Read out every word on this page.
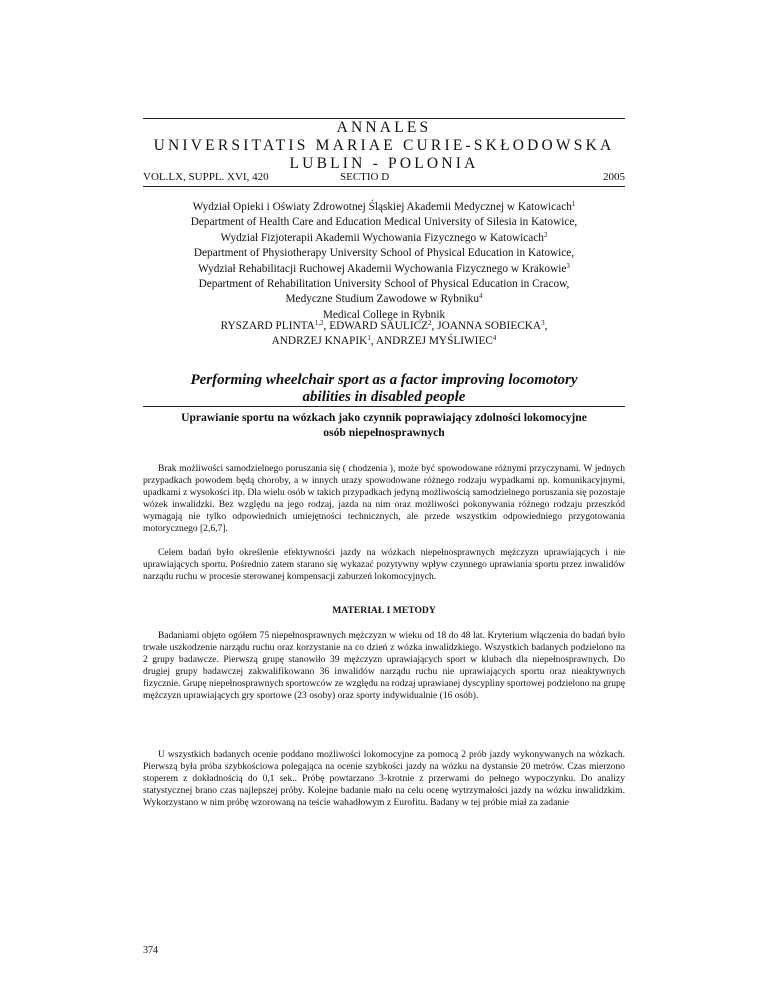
ANNALES
UNIVERSITATIS MARIAE CURIE-SKŁODOWSKA
LUBLIN - POLONIA
VOL.LX, SUPPL. XVI, 420	SECTIO D	2005
Wydział Opieki i Oświaty Zdrowotnej Śląskiej Akademii Medycznej w Katowicach$^1$
Department of Health Care and Education Medical University of Silesia in Katowice,
Wydział Fizjoterapii Akademii Wychowania Fizycznego w Katowicach$^2$
Department of Physiotherapy University School of Physical Education in Katowice,
Wydział Rehabilitacji Ruchowej Akademii Wychowania Fizycznego w Krakowie$^3$
Department of Rehabilitation University School of Physical Education in Cracow,
Medyczne Studium Zawodowe w Rybniku$^4$
Medical College in Rybnik
RYSZARD PLINTA$^{1,2}$, EDWARD SAULICZ$^2$, JOANNA SOBIECKA$^3$,
ANDRZEJ KNAPIK$^1$, ANDRZEJ MYŚLIWIEC$^4$
Performing wheelchair sport as a factor improving locomotory
abilities in disabled people
Uprawianie sportu na wózkach jako czynnik poprawiający zdolności lokomocyjne
osób niepełnosprawnych
Brak możliwości samodzielnego poruszania się ( chodzenia ), może być spowodowane różnymi przyczynami. W jednych przypadkach powodem będą choroby, a w innych urazy spowodowane różnego rodzaju wypadkami np. komunikacyjnymi, upadkami z wysokości itp. Dla wielu osób w takich przypadkach jedyną możliwością samodzielnego poruszania się pozostaje wózek inwalidzki. Bez względu na jego rodzaj, jazda na nim oraz możliwości pokonywania różnego rodzaju przeszkód wymagają nie tylko odpowiednich umiejętności technicznych, ale przede wszystkim odpowiedniego przygotowania motorycznego [2,6,7].
Celem badań było określenie efektywności jazdy na wózkach niepełnosprawnych mężczyzn uprawiających i nie uprawiających sportu. Pośrednio zatem starano się wykazać pozytywny wpływ czynnego uprawiania sportu przez inwalidów narządu ruchu w procesie sterowanej kompensacji zaburzeń lokomocyjnych.
MATERIAŁ I METODY
Badaniami objęto ogółem 75 niepełnosprawnych mężczyzn w wieku od 18 do 48 lat. Kryterium włączenia do badań było trwałe uszkodzenie narządu ruchu oraz korzystanie na co dzień z wózka inwalidzkiego. Wszystkich badanych podzielono na 2 grupy badawcze. Pierwszą grupę stanowiło 39 mężczyzn uprawiających sport w klubach dla niepełnosprawnych. Do drugiej grupy badawczej zakwalifikowano 36 inwalidów narządu ruchu nie uprawiających sportu oraz nieaktywnych fizycznie. Grupę niepełnosprawnych sportowców ze względu na rodzaj uprawianej dyscypliny sportowej podzielono na grupę mężczyzn uprawiających gry sportowe (23 osoby) oraz sporty indywidualnie (16 osób).
U wszystkich badanych ocenie poddano możliwości lokomocyjne za pomocą 2 prób jazdy wykonywanych na wózkach. Pierwszą była próba szybkościowa polegająca na ocenie szybkości jazdy na wózku na dystansie 20 metrów. Czas mierzono stoperem z dokładnością do 0,1 sek.. Próbę powtarzano 3-krotnie z przerwami do pełnego wypoczynku. Do analizy statystycznej brano czas najlepszej próby. Kolejne badanie mało na celu ocenę wytrzymałości jazdy na wózku inwalidzkim. Wykorzystano w nim próbę wzorowaną na teście wahadłowym z Eurofitu. Badany w tej próbie miał za zadanie
374
